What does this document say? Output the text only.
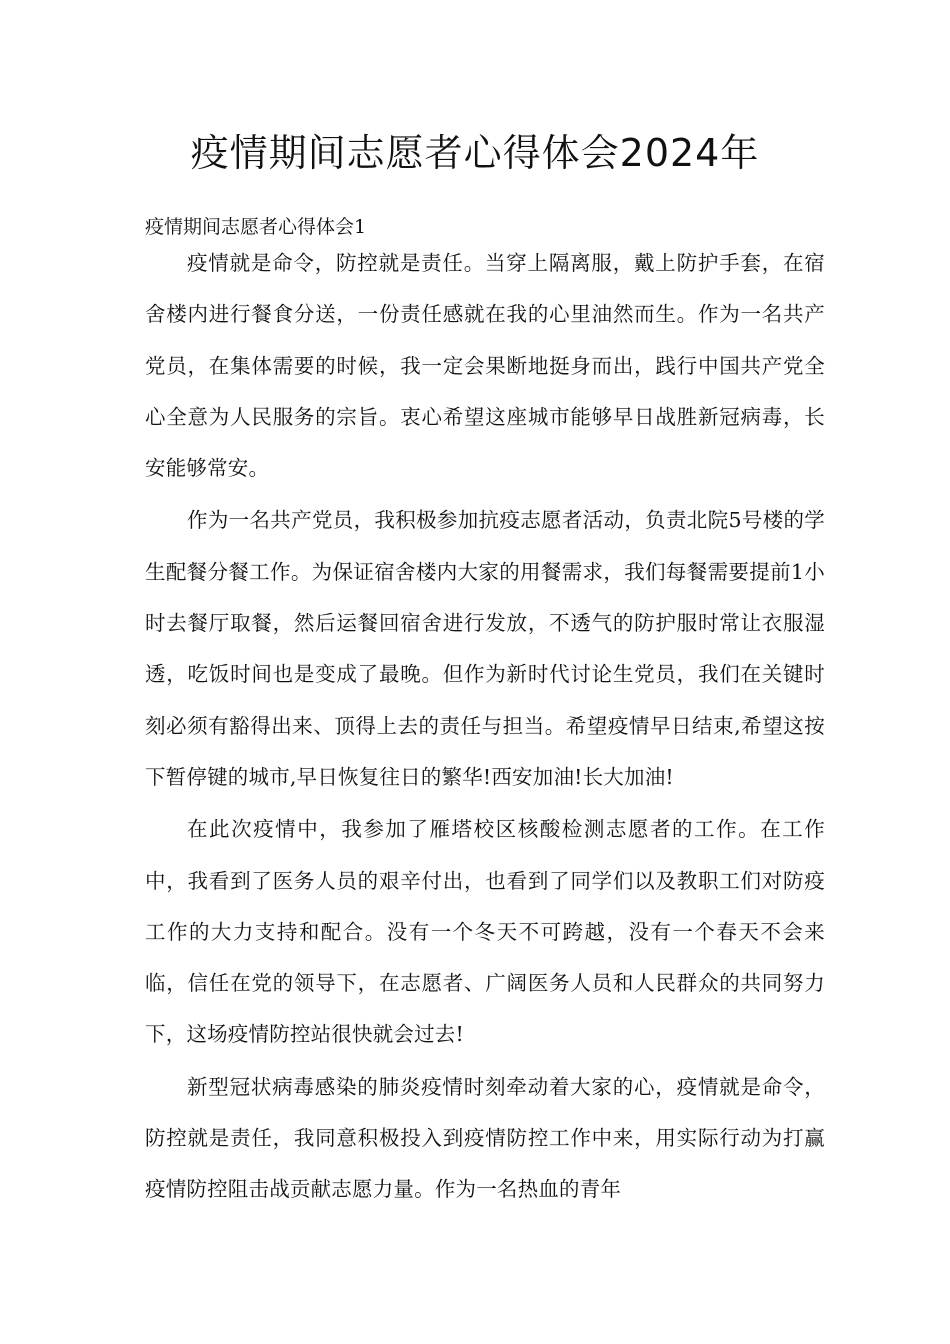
疫情期间志愿者心得体会2024年
疫情期间志愿者心得体会1

疫情就是命令，防控就是责任。当穿上隔离服，戴上防护手套，在宿舍楼内进行餐食分送，一份责任感就在我的心里油然而生。作为一名共产党员，在集体需要的时候，我一定会果断地挺身而出，践行中国共产党全心全意为人民服务的宗旨。衷心希望这座城市能够早日战胜新冠病毒，长安能够常安。

作为一名共产党员，我积极参加抗疫志愿者活动，负责北院5号楼的学生配餐分餐工作。为保证宿舍楼内大家的用餐需求，我们每餐需要提前1小时去餐厅取餐，然后运餐回宿舍进行发放，不透气的防护服时常让衣服湿透，吃饭时间也是变成了最晚。但作为新时代讨论生党员，我们在关键时刻必须有豁得出来、顶得上去的责任与担当。希望疫情早日结束,希望这按下暂停键的城市,早日恢复往日的繁华!西安加油!长大加油!

在此次疫情中，我参加了雁塔校区核酸检测志愿者的工作。在工作中，我看到了医务人员的艰辛付出，也看到了同学们以及教职工们对防疫工作的大力支持和配合。没有一个冬天不可跨越，没有一个春天不会来临，信任在党的领导下，在志愿者、广阔医务人员和人民群众的共同努力下，这场疫情防控站很快就会过去!

新型冠状病毒感染的肺炎疫情时刻牵动着大家的心，疫情就是命令，防控就是责任，我同意积极投入到疫情防控工作中来，用实际行动为打赢疫情防控阻击战贡献志愿力量。作为一名热血的青年
